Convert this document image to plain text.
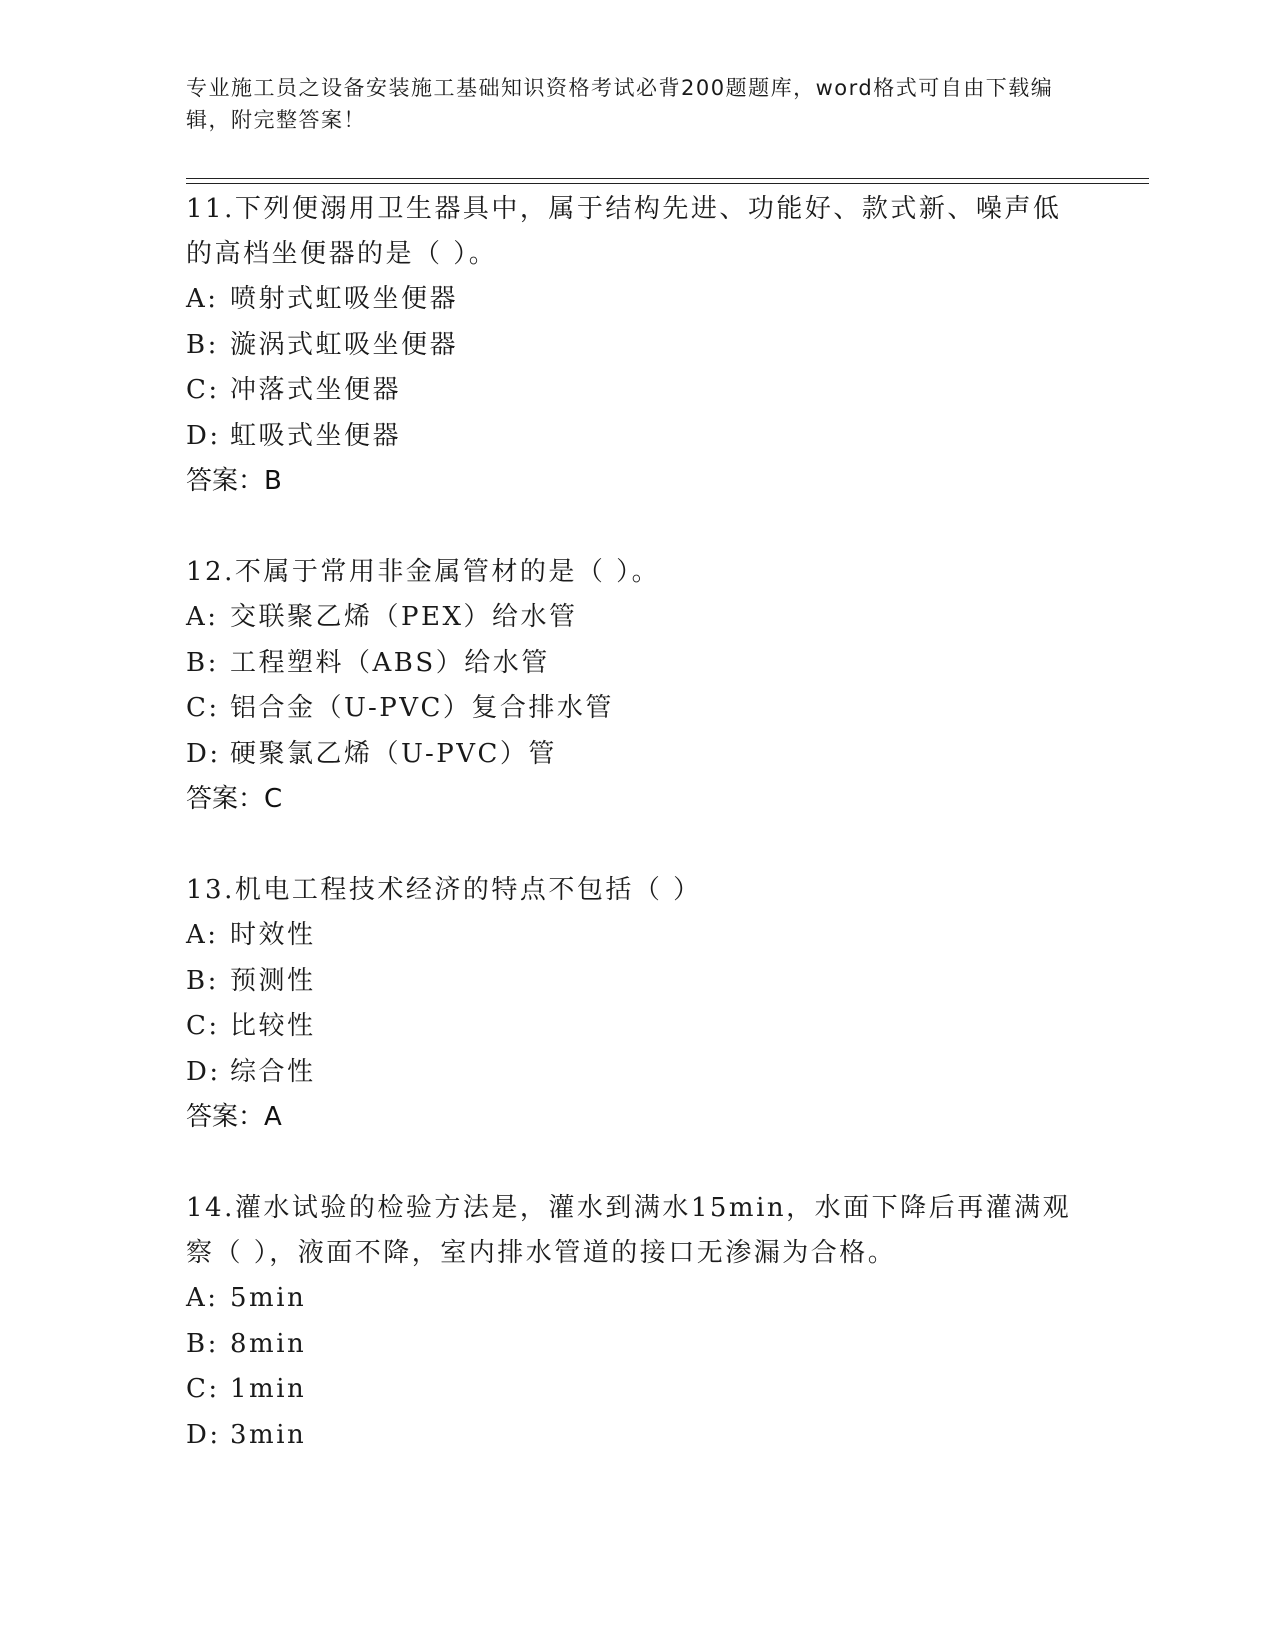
专业施工员之设备安装施工基础知识资格考试必背200题题库，word格式可自由下载编辑，附完整答案！

11.下列便溺用卫生器具中，属于结构先进、功能好、款式新、噪声低的高档坐便器的是（ ）。

A: 喷射式虹吸坐便器
B: 漩涡式虹吸坐便器
C: 冲落式坐便器
D: 虹吸式坐便器
答案：B

12.不属于常用非金属管材的是（ ）。

A: 交联聚乙烯（PEX）给水管
B: 工程塑料（ABS）给水管
C: 铝合金（U-PVC）复合排水管
D: 硬聚氯乙烯（U-PVC）管
答案：C

13.机电工程技术经济的特点不包括（ ）

A: 时效性
B: 预测性
C: 比较性
D: 综合性
答案：A

14.灌水试验的检验方法是，灌水到满水15min，水面下降后再灌满观察（ ），液面不降，室内排水管道的接口无渗漏为合格。

A: 5min
B: 8min
C: 1min
D: 3min
